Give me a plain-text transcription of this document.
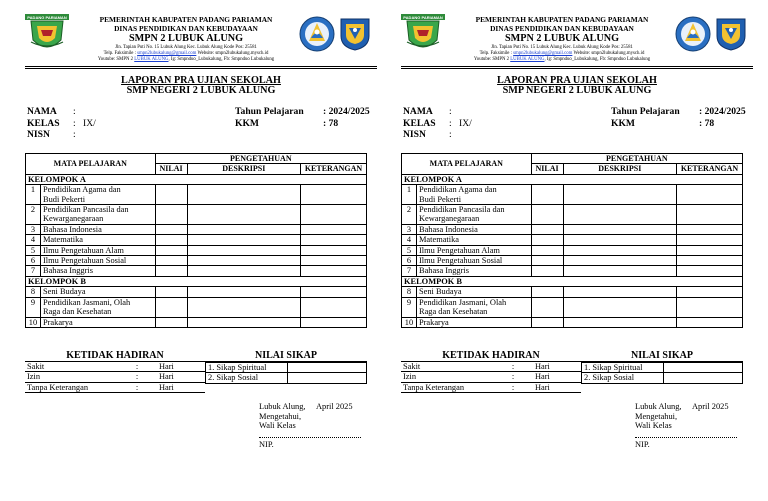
PADANG PARIAMAN	PEMERINTAH KABUPATEN PADANG PARIAMAN
DINAS PENDIDIKAN DAN KEBUDAYAAN
SMPN 2 LUBUK ALUNG
Jln. Tapian Puti No. 15 Lubuk Alung Kec. Lubuk Alung Kode Pos: 25581
Telp. Faksimile : smpn2lubukalung@gmail.com Website: smpn2lubukalung.mysch.id
Youtube: SMPN 2 LUBUK ALUNG, Ig: Smpnduo_Lubukalung, Fb: Smpnduo Lubukalung
LAPORAN PRA UJIAN SEKOLAH
SMP NEGERI 2 LUBUK ALUNG
NAMA :	Tahun Pelajaran : 2024/2025
KELAS : IX/	KKM	: 78
NISN :
MATA PELAJARAN		PENGETAHUAN		
		NILAI	DESKRIPSI	KETERANGAN
KELOMPOK A				
1	Pendidikan Agama dan
Budi Pekerti			

2	Pendidikan Pancasila dan
Kewarganegaraan			

3	Bahasa Indonesia			

4	Matematika			

5	Ilmu Pengetahuan Alam			

6	Ilmu Pengetahuan Sosial			

7	Bahasa Inggris			

KELOMPOK B				
8	Seni Budaya			

9	Pendidikan Jasmani, Olah
Raga dan Kesehatan			

10	Prakarya			

KETIDAK HADIRAN	NILAI SIKAP
Sakit	:	Hari
Izin	:	Hari
Tanpa Keterangan	:	Hari
1. Sikap Spiritual	
2. Sikap Sosial	
Lubuk Alung, April 2025
Mengetahui,
Wali Kelas
NIP.
PADANG PARIAMAN	PEMERINTAH KABUPATEN PADANG PARIAMAN
DINAS PENDIDIKAN DAN KEBUDAYAAN
SMPN 2 LUBUK ALUNG
Jln. Tapian Puti No. 15 Lubuk Alung Kec. Lubuk Alung Kode Pos: 25581
Telp. Faksimile : smpn2lubukalung@gmail.com Website: smpn2lubukalung.mysch.id
Youtube: SMPN 2 LUBUK ALUNG, Ig: Smpnduo_Lubukalung, Fb: Smpnduo Lubukalung
LAPORAN PRA UJIAN SEKOLAH
SMP NEGERI 2 LUBUK ALUNG
NAMA :	Tahun Pelajaran : 2024/2025
KELAS : IX/	KKM	: 78
NISN :
MATA PELAJARAN		PENGETAHUAN		
		NILAI	DESKRIPSI	KETERANGAN
KELOMPOK A				
1	Pendidikan Agama dan
Budi Pekerti			

2	Pendidikan Pancasila dan
Kewarganegaraan			

3	Bahasa Indonesia			

4	Matematika			

5	Ilmu Pengetahuan Alam			

6	Ilmu Pengetahuan Sosial			

7	Bahasa Inggris			

KELOMPOK B				
8	Seni Budaya			

9	Pendidikan Jasmani, Olah
Raga dan Kesehatan			

10	Prakarya			

KETIDAK HADIRAN	NILAI SIKAP
Sakit	:	Hari
Izin	:	Hari
Tanpa Keterangan	:	Hari
1. Sikap Spiritual	
2. Sikap Sosial	
Lubuk Alung, April 2025
Mengetahui,
Wali Kelas
NIP.
